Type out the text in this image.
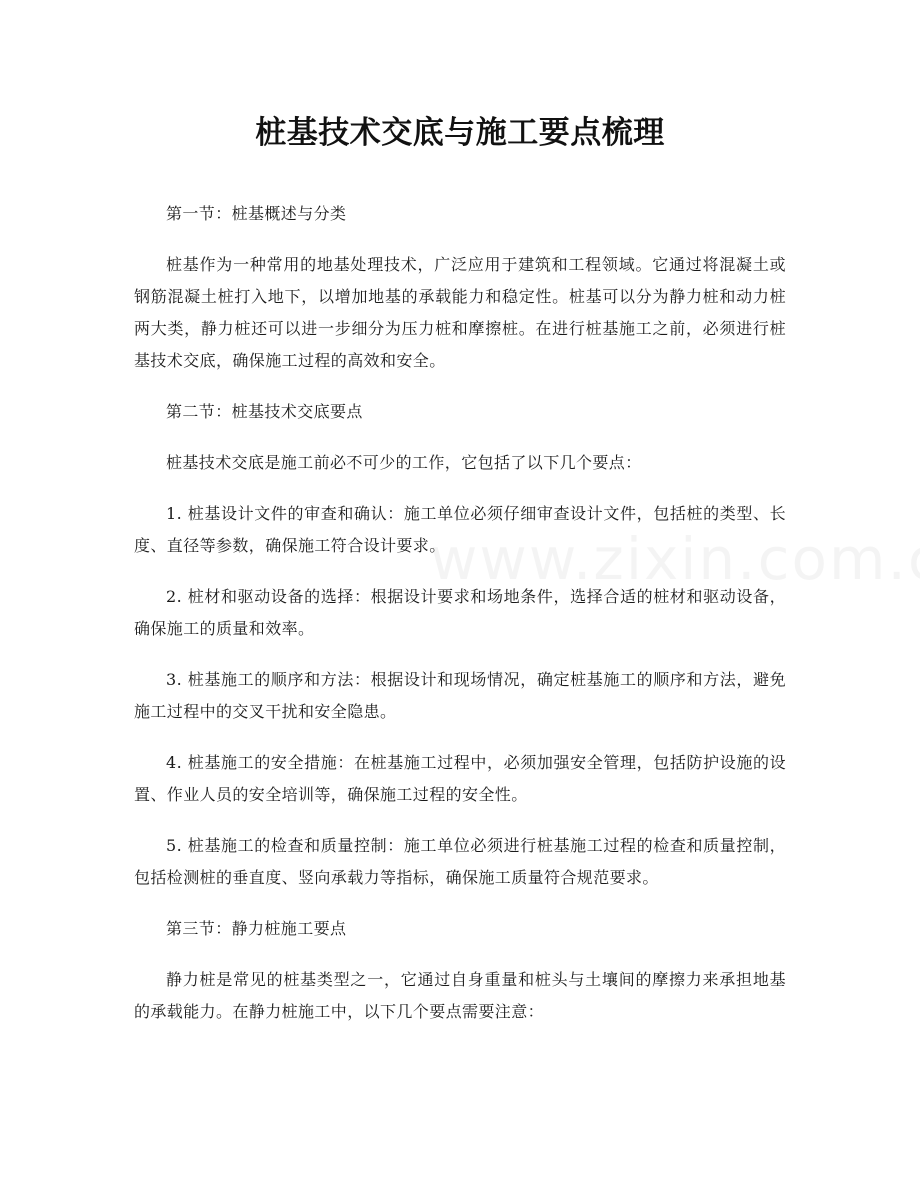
桩基技术交底与施工要点梳理

第一节：桩基概述与分类

桩基作为一种常用的地基处理技术，广泛应用于建筑和工程领域。它通过将混凝土或钢筋混凝土桩打入地下，以增加地基的承载能力和稳定性。桩基可以分为静力桩和动力桩两大类，静力桩还可以进一步细分为压力桩和摩擦桩。在进行桩基施工之前，必须进行桩基技术交底，确保施工过程的高效和安全。

第二节：桩基技术交底要点

桩基技术交底是施工前必不可少的工作，它包括了以下几个要点：

1. 桩基设计文件的审查和确认：施工单位必须仔细审查设计文件，包括桩的类型、长度、直径等参数，确保施工符合设计要求。

2. 桩材和驱动设备的选择：根据设计要求和场地条件，选择合适的桩材和驱动设备，确保施工的质量和效率。

3. 桩基施工的顺序和方法：根据设计和现场情况，确定桩基施工的顺序和方法，避免施工过程中的交叉干扰和安全隐患。

4. 桩基施工的安全措施：在桩基施工过程中，必须加强安全管理，包括防护设施的设置、作业人员的安全培训等，确保施工过程的安全性。

5. 桩基施工的检查和质量控制：施工单位必须进行桩基施工过程的检查和质量控制，包括检测桩的垂直度、竖向承载力等指标，确保施工质量符合规范要求。

第三节：静力桩施工要点

静力桩是常见的桩基类型之一，它通过自身重量和桩头与土壤间的摩擦力来承担地基的承载能力。在静力桩施工中，以下几个要点需要注意：
